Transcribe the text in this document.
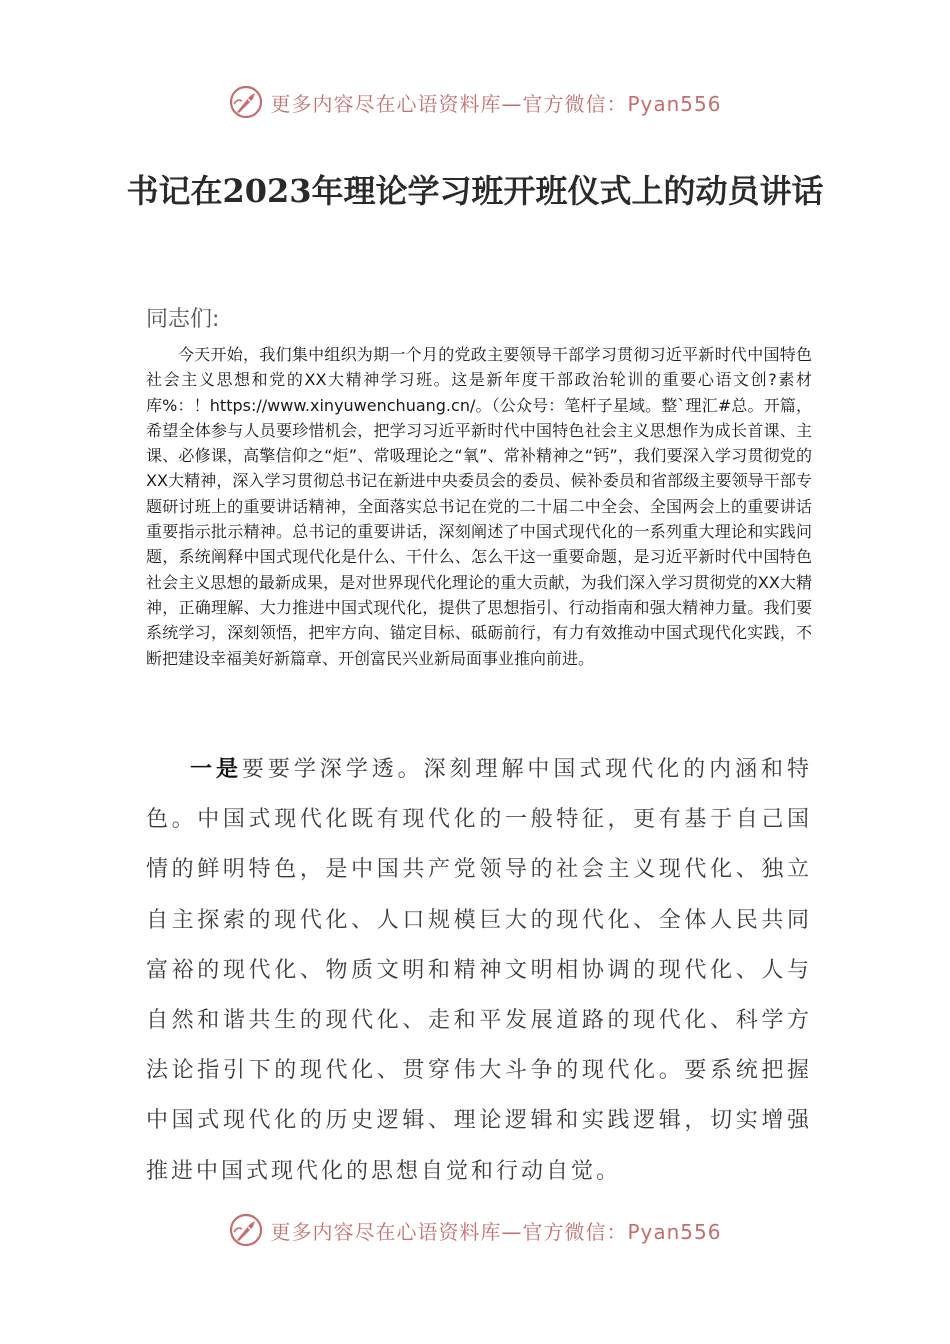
更多内容尽在心语资料库—官方微信：Pyan556
书记在2023年理论学习班开班仪式上的动员讲话

同志们:

今天开始，我们集中组织为期一个月的党政主要领导干部学习贯彻习近平新时代中国特色社会主义思想和党的XX大精神学习班。这是新年度干部政治轮训的重要心语文创?素材库%：！https://www.xinyuwenchuang.cn/。（公众号：笔杆子星域。整`理汇#总。开篇，希望全体参与人员要珍惜机会，把学习习近平新时代中国特色社会主义思想作为成长首课、主课、必修课，高擎信仰之“炬”、常吸理论之“氧”、常补精神之“钙”，我们要深入学习贯彻党的XX大精神，深入学习贯彻总书记在新进中央委员会的委员、候补委员和省部级主要领导干部专题研讨班上的重要讲话精神，全面落实总书记在党的二十届二中全会、全国两会上的重要讲话重要指示批示精神。总书记的重要讲话，深刻阐述了中国式现代化的一系列重大理论和实践问题，系统阐释中国式现代化是什么、干什么、怎么干这一重要命题，是习近平新时代中国特色社会主义思想的最新成果，是对世界现代化理论的重大贡献，为我们深入学习贯彻党的XX大精神，正确理解、大力推进中国式现代化，提供了思想指引、行动指南和强大精神力量。我们要系统学习，深刻领悟，把牢方向、锚定目标、砥砺前行，有力有效推动中国式现代化实践，不断把建设幸福美好新篇章、开创富民兴业新局面事业推向前进。

一是要要学深学透。深刻理解中国式现代化的内涵和特色。中国式现代化既有现代化的一般特征，更有基于自己国情的鲜明特色，是中国共产党领导的社会主义现代化、独立自主探索的现代化、人口规模巨大的现代化、全体人民共同富裕的现代化、物质文明和精神文明相协调的现代化、人与自然和谐共生的现代化、走和平发展道路的现代化、科学方法论指引下的现代化、贯穿伟大斗争的现代化。要系统把握中国式现代化的历史逻辑、理论逻辑和实践逻辑，切实增强推进中国式现代化的思想自觉和行动自觉。

更多内容尽在心语资料库—官方微信：Pyan556
